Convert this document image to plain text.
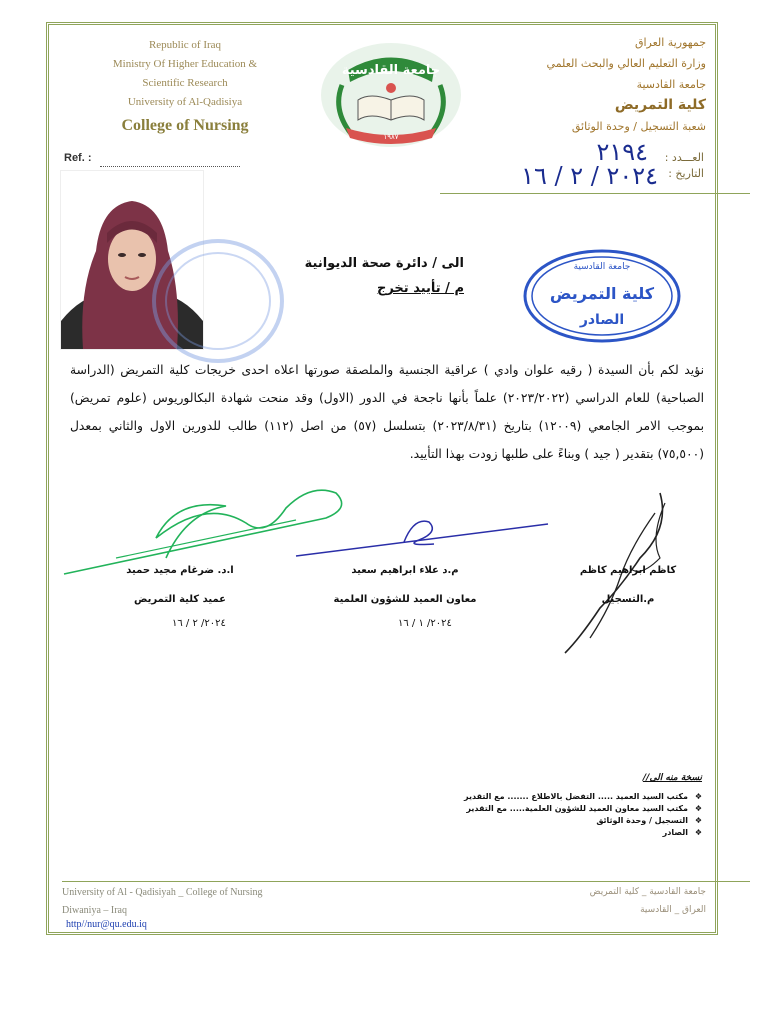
Republic of Iraq
Ministry Of Higher Education &
Scientific Research
University of Al-Qadisiya
College of Nursing
جامعة القادسية
١٩٨٧
جمهورية العراق
وزارة التعليم العالي والبحث العلمي
جامعة القادسية
كلية التمريض
شعبة التسجيل / وحدة الوثائق
Ref. :	العـــدد :
التاريخ :
٢١٩٤
٢٠٢٤ / ٢ / ١٦
الى / دائرة صحة الديوانية
م / تأييد تخرج
جامعة القادسية
كلية التمريض
الصادر
نؤيد لكم بأن السيدة ( رقيه علوان وادي ) عراقية الجنسية والملصقة صورتها اعلاه احدى خريجات كلية التمريض (الدراسة الصباحية) للعام الدراسي (٢٠٢٣/٢٠٢٢) علماً بأنها ناجحة في الدور (الاول) وقد منحت شهادة البكالوريوس (علوم تمريض) بموجب الامر الجامعي (١٢٠٠٩) بتاريخ (٢٠٢٣/٨/٣١) بتسلسل (٥٧) من اصل (١١٢) طالب للدورين الاول والثاني بمعدل (٧٥,٥٠٠) بتقدير ( جيد ) وبناءً على طلبها زودت بهذا التأييد.
ا.د. ضرغام مجيد حميد
عميد كلية التمريض
٢٠٢٤/ ٢ / ١٦
م.د علاء ابراهيم سعيد
معاون العميد للشؤون العلمية
٢٠٢٤/ ١ / ١٦
كاظم ابراهيم كاظم
م.التسجيل
نسخة منه الى//
❖ مكتب السيد العميد ..... التفضل بالاطلاع ....... مع التقدير
❖ مكتب السيد معاون العميد للشؤون العلمية..... مع التقدير
❖ التسجيل / وحدة الوثائق
❖ الصادر
University of Al - Qadisiyah _ College of Nursing
Diwaniya – Iraq
http//nur@qu.edu.iq
جامعة القادسية _ كلية التمريض
العراق _ القادسية
